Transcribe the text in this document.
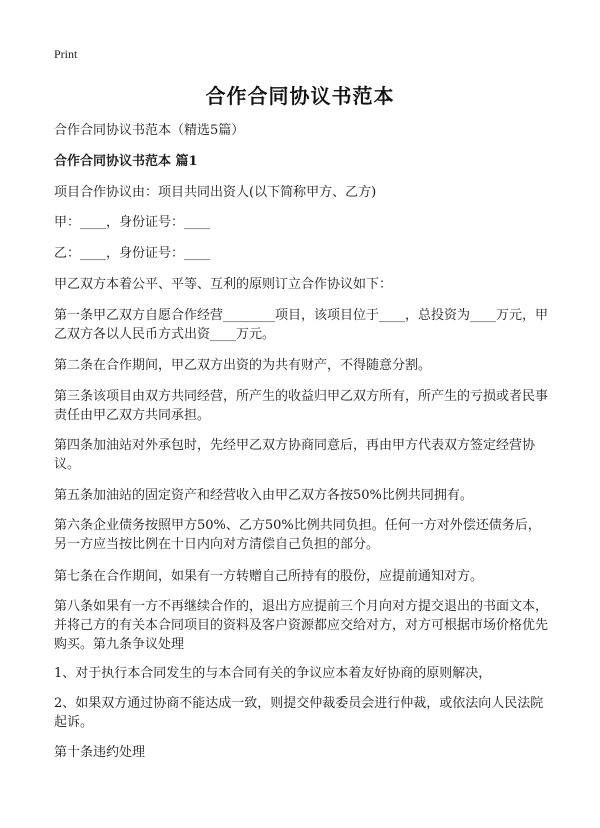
Print
合作合同协议书范本

合作合同协议书范本（精选5篇）

合作合同协议书范本 篇1

项目合作协议由：项目共同出资人(以下简称甲方、乙方)

甲：____，身份证号：____

乙：____，身份证号：____

甲乙双方本着公平、平等、互利的原则订立合作协议如下：

第一条甲乙双方自愿合作经营________项目，该项目位于____，总投资为____万元，甲乙双方各以人民币方式出资____万元。

第二条在合作期间，甲乙双方出资的为共有财产，不得随意分割。

第三条该项目由双方共同经营，所产生的收益归甲乙双方所有，所产生的亏损或者民事责任由甲乙双方共同承担。

第四条加油站对外承包时，先经甲乙双方协商同意后，再由甲方代表双方签定经营协议。

第五条加油站的固定资产和经营收入由甲乙双方各按50%比例共同拥有。

第六条企业债务按照甲方50%、乙方50%比例共同负担。任何一方对外偿还债务后，另一方应当按比例在十日内向对方清偿自己负担的部分。

第七条在合作期间，如果有一方转赠自己所持有的股份，应提前通知对方。

第八条如果有一方不再继续合作的，退出方应提前三个月向对方提交退出的书面文本，并将己方的有关本合同项目的资料及客户资源都应交给对方，对方可根据市场价格优先购买。第九条争议处理

1、对于执行本合同发生的与本合同有关的争议应本着友好协商的原则解决，

2、如果双方通过协商不能达成一致，则提交仲裁委员会进行仲裁，或依法向人民法院起诉。

第十条违约处理
